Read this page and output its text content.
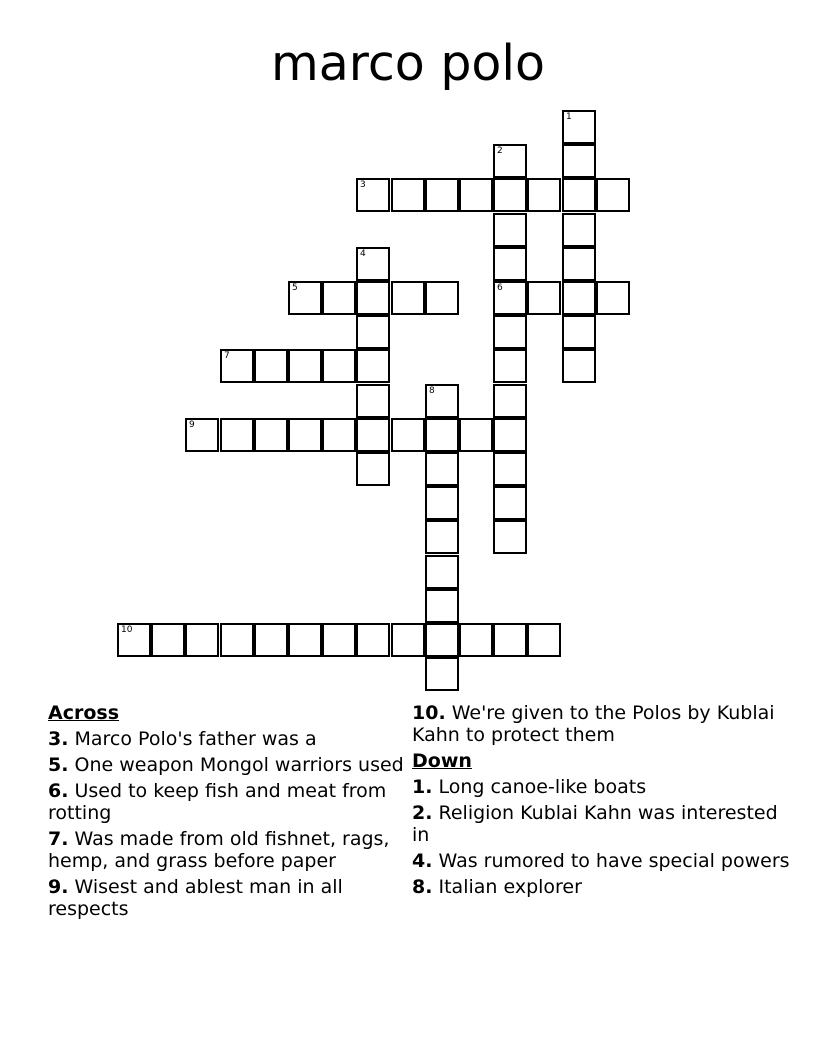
marco polo
1
2
6
3
4
5
7
8
9
10
Across
3. Marco Polo's father was a
5. One weapon Mongol warriors used
6. Used to keep fish and meat from rotting
7. Was made from old fishnet, rags, hemp, and grass before paper
9. Wisest and ablest man in all respects
10. We're given to the Polos by Kublai Kahn to protect them
Down
1. Long canoe-like boats
2. Religion Kublai Kahn was interested in
4. Was rumored to have special powers
8. Italian explorer
